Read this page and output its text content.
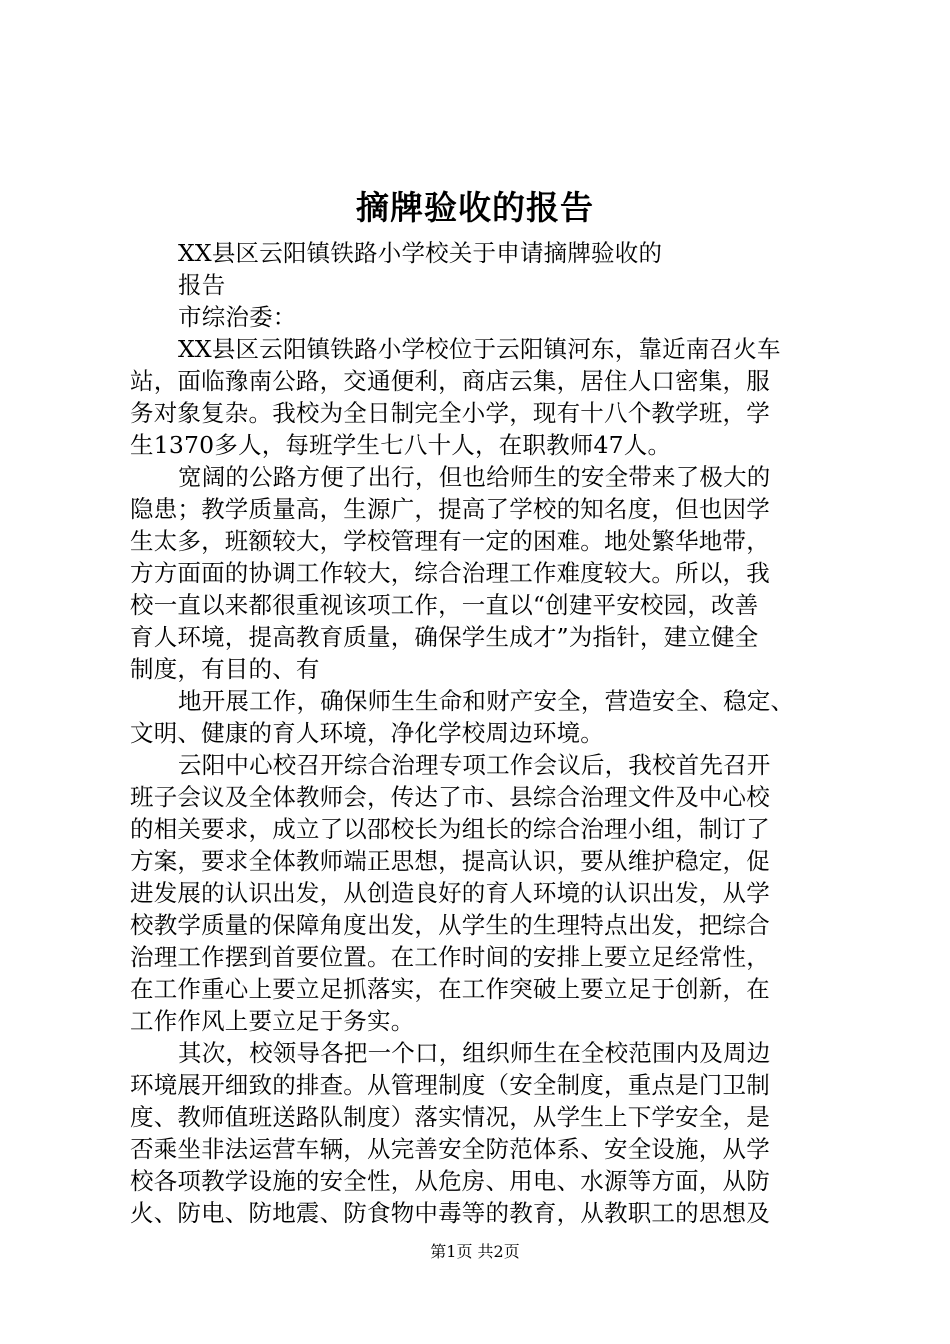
摘牌验收的报告
XX县区云阳镇铁路小学校关于申请摘牌验收的
报告
市综治委：
XX县区云阳镇铁路小学校位于云阳镇河东，靠近南召火车
站，面临豫南公路，交通便利，商店云集，居住人口密集，服
务对象复杂。我校为全日制完全小学，现有十八个教学班，学
生1370多人，每班学生七八十人，在职教师47人。
宽阔的公路方便了出行，但也给师生的安全带来了极大的
隐患；教学质量高，生源广，提高了学校的知名度，但也因学
生太多，班额较大，学校管理有一定的困难。地处繁华地带，
方方面面的协调工作较大，综合治理工作难度较大。所以，我
校一直以来都很重视该项工作，一直以“创建平安校园，改善
育人环境，提高教育质量，确保学生成才”为指针，建立健全
制度，有目的、有
地开展工作，确保师生生命和财产安全，营造安全、稳定、
文明、健康的育人环境，净化学校周边环境。
云阳中心校召开综合治理专项工作会议后，我校首先召开
班子会议及全体教师会，传达了市、县综合治理文件及中心校
的相关要求，成立了以邵校长为组长的综合治理小组，制订了
方案，要求全体教师端正思想，提高认识，要从维护稳定，促
进发展的认识出发，从创造良好的育人环境的认识出发，从学
校教学质量的保障角度出发，从学生的生理特点出发，把综合
治理工作摆到首要位置。在工作时间的安排上要立足经常性，
在工作重心上要立足抓落实，在工作突破上要立足于创新，在
工作作风上要立足于务实。
其次，校领导各把一个口，组织师生在全校范围内及周边
环境展开细致的排查。从管理制度（安全制度，重点是门卫制
度、教师值班送路队制度）落实情况，从学生上下学安全，是
否乘坐非法运营车辆，从完善安全防范体系、安全设施，从学
校各项教学设施的安全性，从危房、用电、水源等方面，从防
火、防电、防地震、防食物中毒等的教育，从教职工的思想及
第1页 共2页
